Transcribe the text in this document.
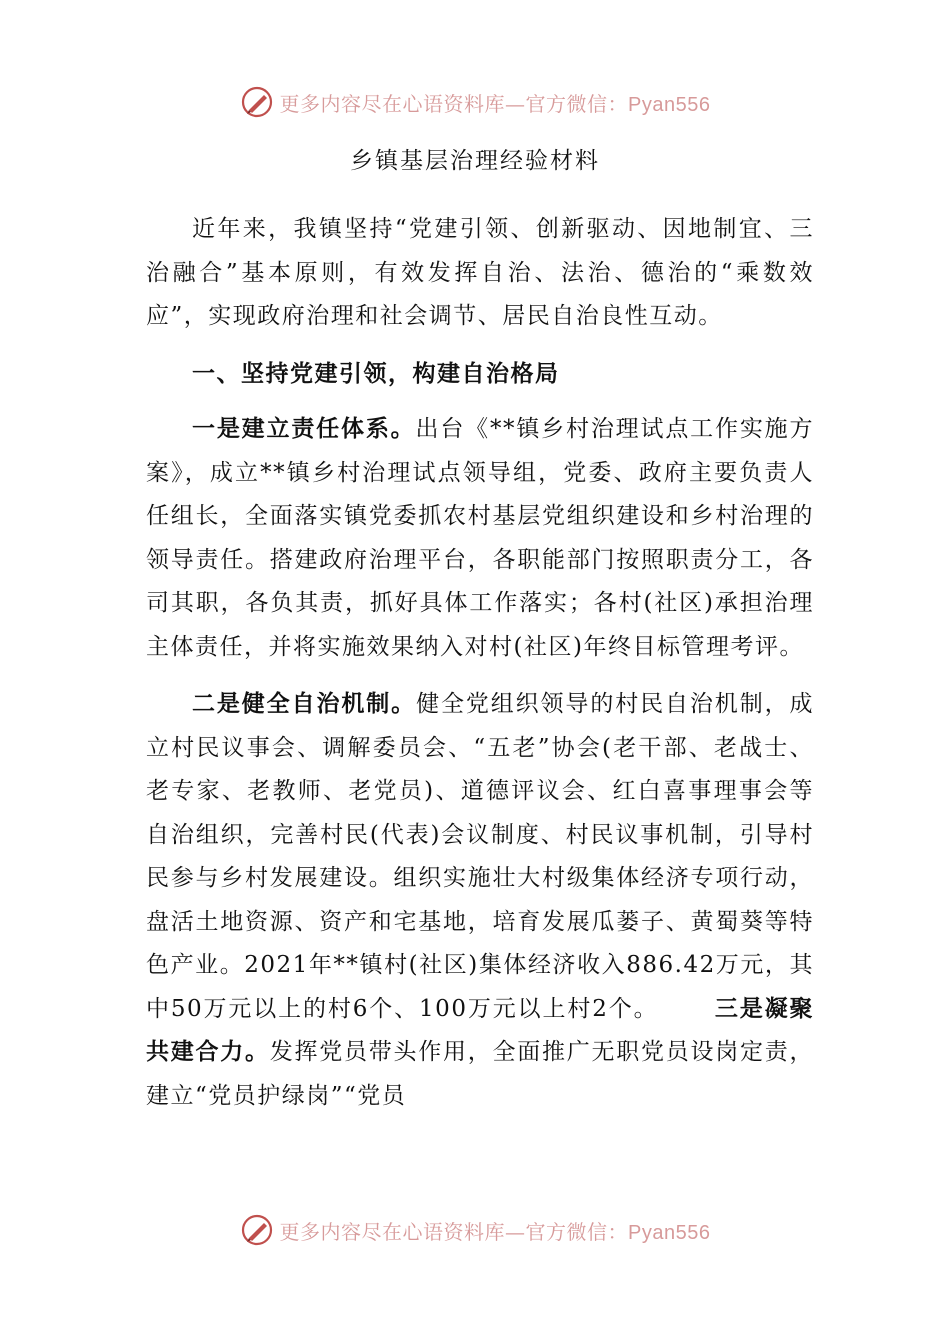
更多内容尽在心语资料库—官方微信：Pyan556
乡镇基层治理经验材料

近年来，我镇坚持“党建引领、创新驱动、因地制宜、三治融合”基本原则，有效发挥自治、法治、德治的“乘数效应”，实现政府治理和社会调节、居民自治良性互动。

一、坚持党建引领，构建自治格局

一是建立责任体系。出台《**镇乡村治理试点工作实施方案》，成立**镇乡村治理试点领导组，党委、政府主要负责人任组长，全面落实镇党委抓农村基层党组织建设和乡村治理的领导责任。搭建政府治理平台，各职能部门按照职责分工，各司其职，各负其责，抓好具体工作落实；各村(社区)承担治理主体责任，并将实施效果纳入对村(社区)年终目标管理考评。

二是健全自治机制。健全党组织领导的村民自治机制，成立村民议事会、调解委员会、“五老”协会(老干部、老战士、老专家、老教师、老党员)、道德评议会、红白喜事理事会等自治组织，完善村民(代表)会议制度、村民议事机制，引导村民参与乡村发展建设。组织实施壮大村级集体经济专项行动，盘活土地资源、资产和宅基地，培育发展瓜蒌子、黄蜀葵等特色产业。2021年**镇村(社区)集体经济收入886.42万元，其中50万元以上的村6个、100万元以上村2个。 三是凝聚共建合力。发挥党员带头作用，全面推广无职党员设岗定责，建立“党员护绿岗”“党员

更多内容尽在心语资料库—官方微信：Pyan556
